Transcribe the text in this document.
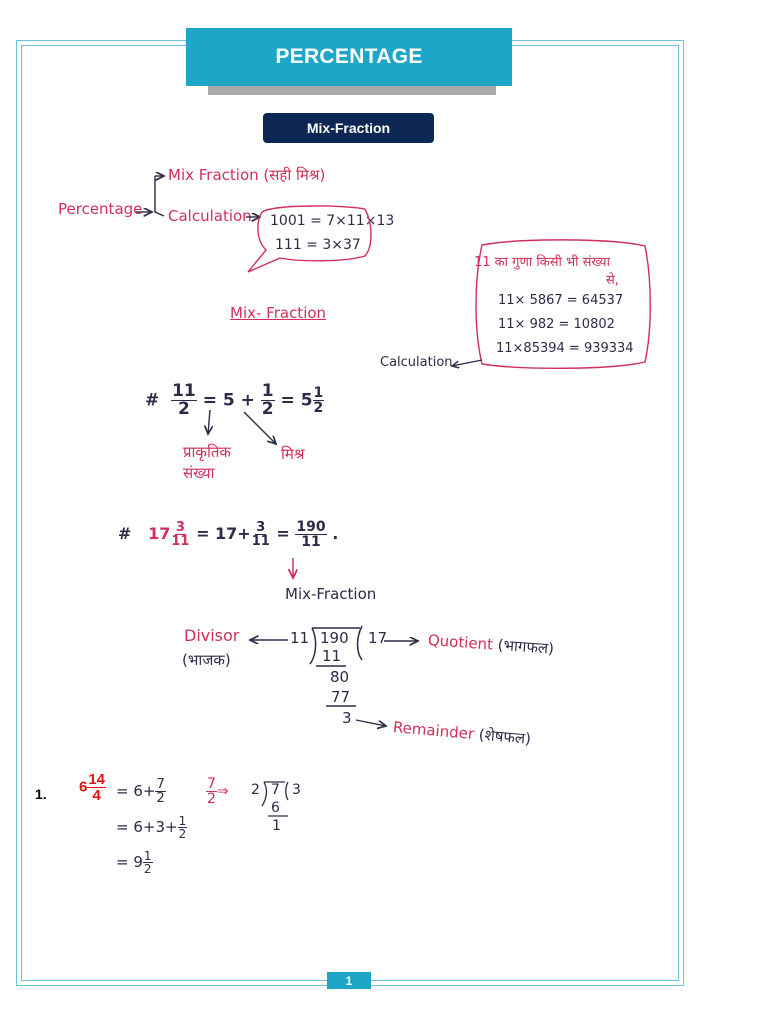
PERCENTAGE
Mix-Fraction
Percentage
Mix Fraction (सही मिश्र)
Calculation 1001 = 7×11×13
111 = 3×37
11 का गुणा किसी भी संख्या
से,
11× 5867 = 64537
11× 982 = 10802
11×85394 = 939334
Calculation
Mix- Fraction
# $\frac{11}{2} = 5 + \frac{1}{2} = 5 \frac{1}{2}$
प्राकृतिक
संख्या
मिश्र
# $17 \frac{3}{11} = 17+ \frac{3}{11} = \frac{190}{11}$ .
Mix-Fraction
Divisor
(भाजक)
11 190 17
11
80
77
3
Quotient (भागफल)
Remainder (शेषफल)
1. $6 \frac{14}{4} = 6+ \frac{7}{2}$	$\frac{7}{2}$ ⇒ 2 7 3
6
1
= $6+3+ \frac{1}{2}$
= $9 \frac{1}{2}$
1
